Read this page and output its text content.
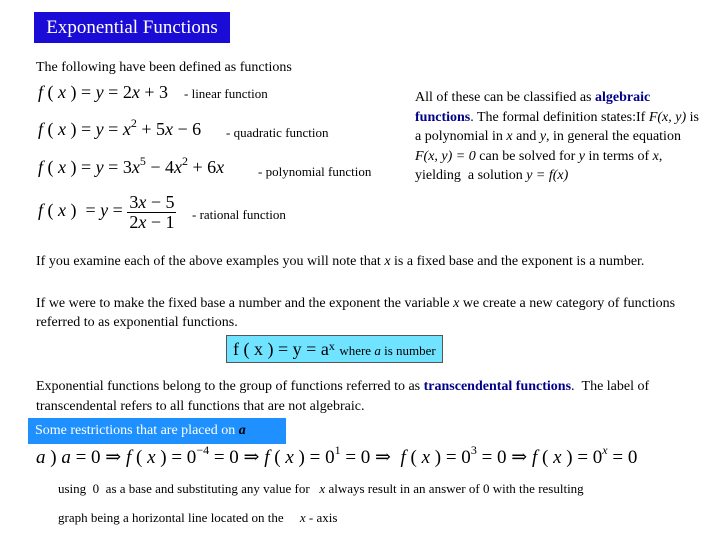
Exponential Functions
The following have been defined as functions
f ( x ) = y = 2x + 3 - linear function
f ( x ) = $y = x^2 + 5x - 6$ - quadratic function
f ( x ) = $y = 3x^5 - 4x^2 + 6x$	- polynomial function
f ( x )  = $y = \frac{3x - 5}{2x - 1}$ - rational function
All of these can be classified as algebraic functions. The formal definition states:If F(x, y) is a polynomial in x and y, in general the equation F(x, y) = 0 can be solved for y in terms of x, yielding  a solution y = f(x)
If you examine each of the above examples you will note that x is a fixed base and the exponent is a number.
If we were to make the fixed base a number and the exponent the variable x we create a new category of functions referred to as exponential functions.
f ( x ) = $y = a^x$ where a is number
Exponential functions belong to the group of functions referred to as transcendental functions.  The label of transcendental refers to all functions that are not algebraic.
Some restrictions that are placed on a
a ) a = 0 ⇒ f ( x ) = $0^{-4} = 0$ ⇒ f ( x ) = $0^1 = 0$ ⇒  f ( x ) = $0^3 = 0$ ⇒ f ( x ) = $0^x = 0$
using  0  as a base and substituting any value for   x always result in an answer of 0 with the resulting
graph being a horizontal line located on the     x - axis
